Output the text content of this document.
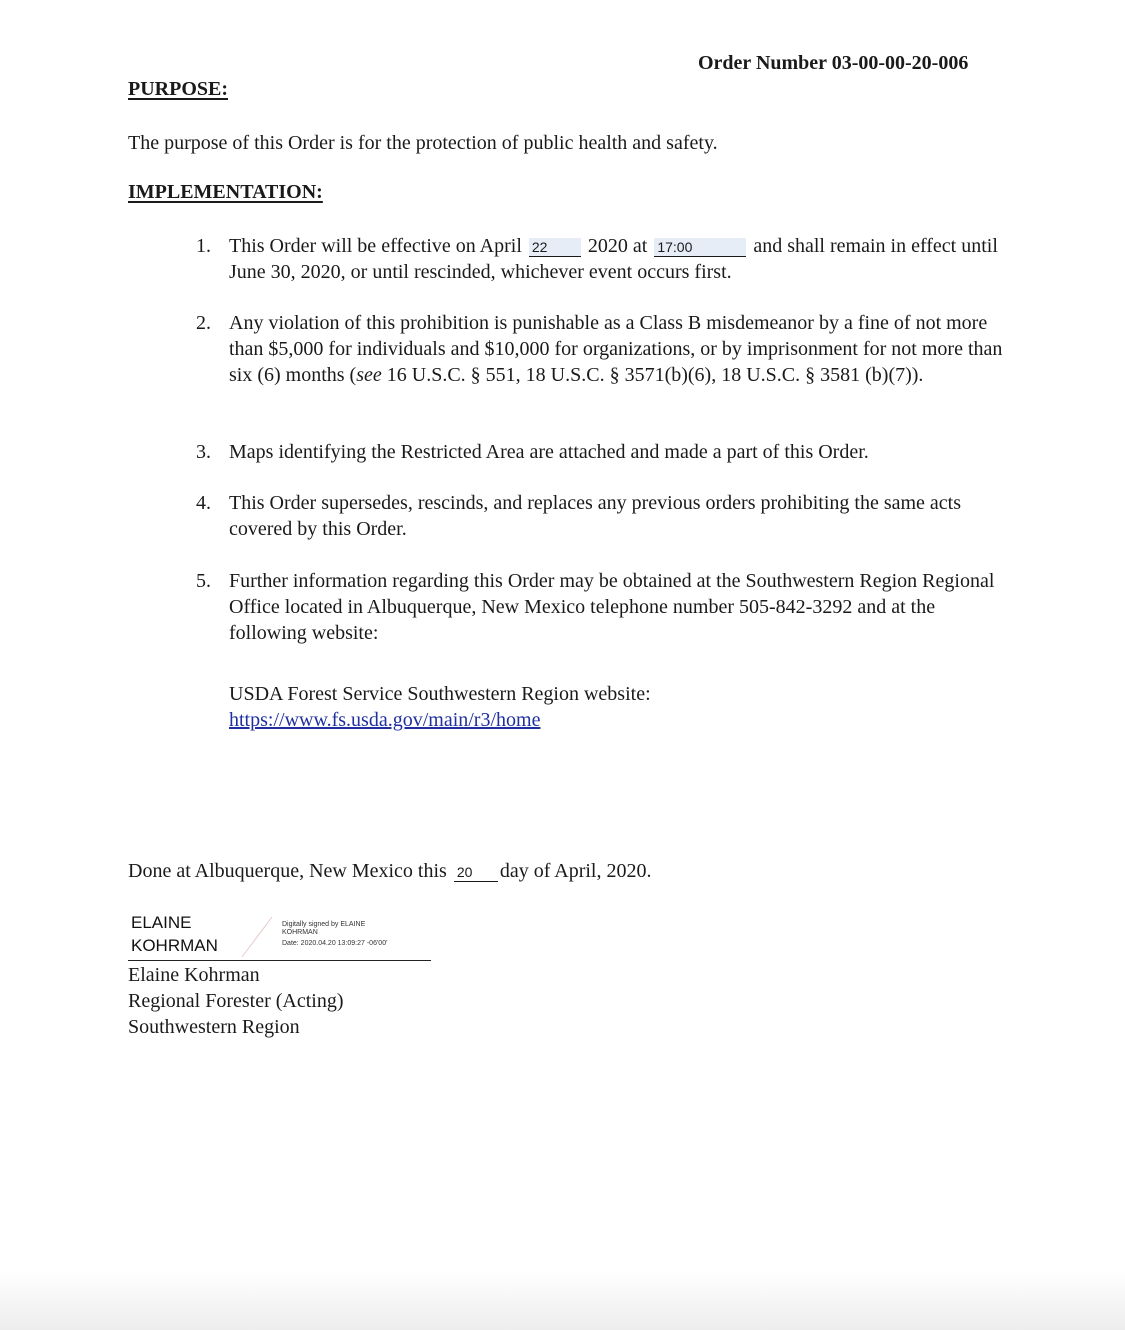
Order Number 03-00-00-20-006
PURPOSE:
The purpose of this Order is for the protection of public health and safety.
IMPLEMENTATION:
1. This Order will be effective on April 22 2020 at 17:00	and shall remain in effect until June 30, 2020, or until rescinded, whichever event occurs first.
2. Any violation of this prohibition is punishable as a Class B misdemeanor by a fine of not more than $5,000 for individuals and $10,000 for organizations, or by imprisonment for not more than six (6) months (see 16 U.S.C. § 551, 18 U.S.C. § 3571(b)(6), 18 U.S.C. § 3581 (b)(7)).
3. Maps identifying the Restricted Area are attached and made a part of this Order.
4. This Order supersedes, rescinds, and replaces any previous orders prohibiting the same acts covered by this Order.
5. Further information regarding this Order may be obtained at the Southwestern Region Regional Office located in Albuquerque, New Mexico telephone number 505-842-3292 and at the following website:
USDA Forest Service Southwestern Region website:
https://www.fs.usda.gov/main/r3/home
Done at Albuquerque, New Mexico this 20 day of April, 2020.
ELAINE
KOHRMAN
Digitally signed by ELAINE
KOHRMAN
Date: 2020.04.20 13:09:27 -06'00'
Elaine Kohrman
Regional Forester (Acting)
Southwestern Region
